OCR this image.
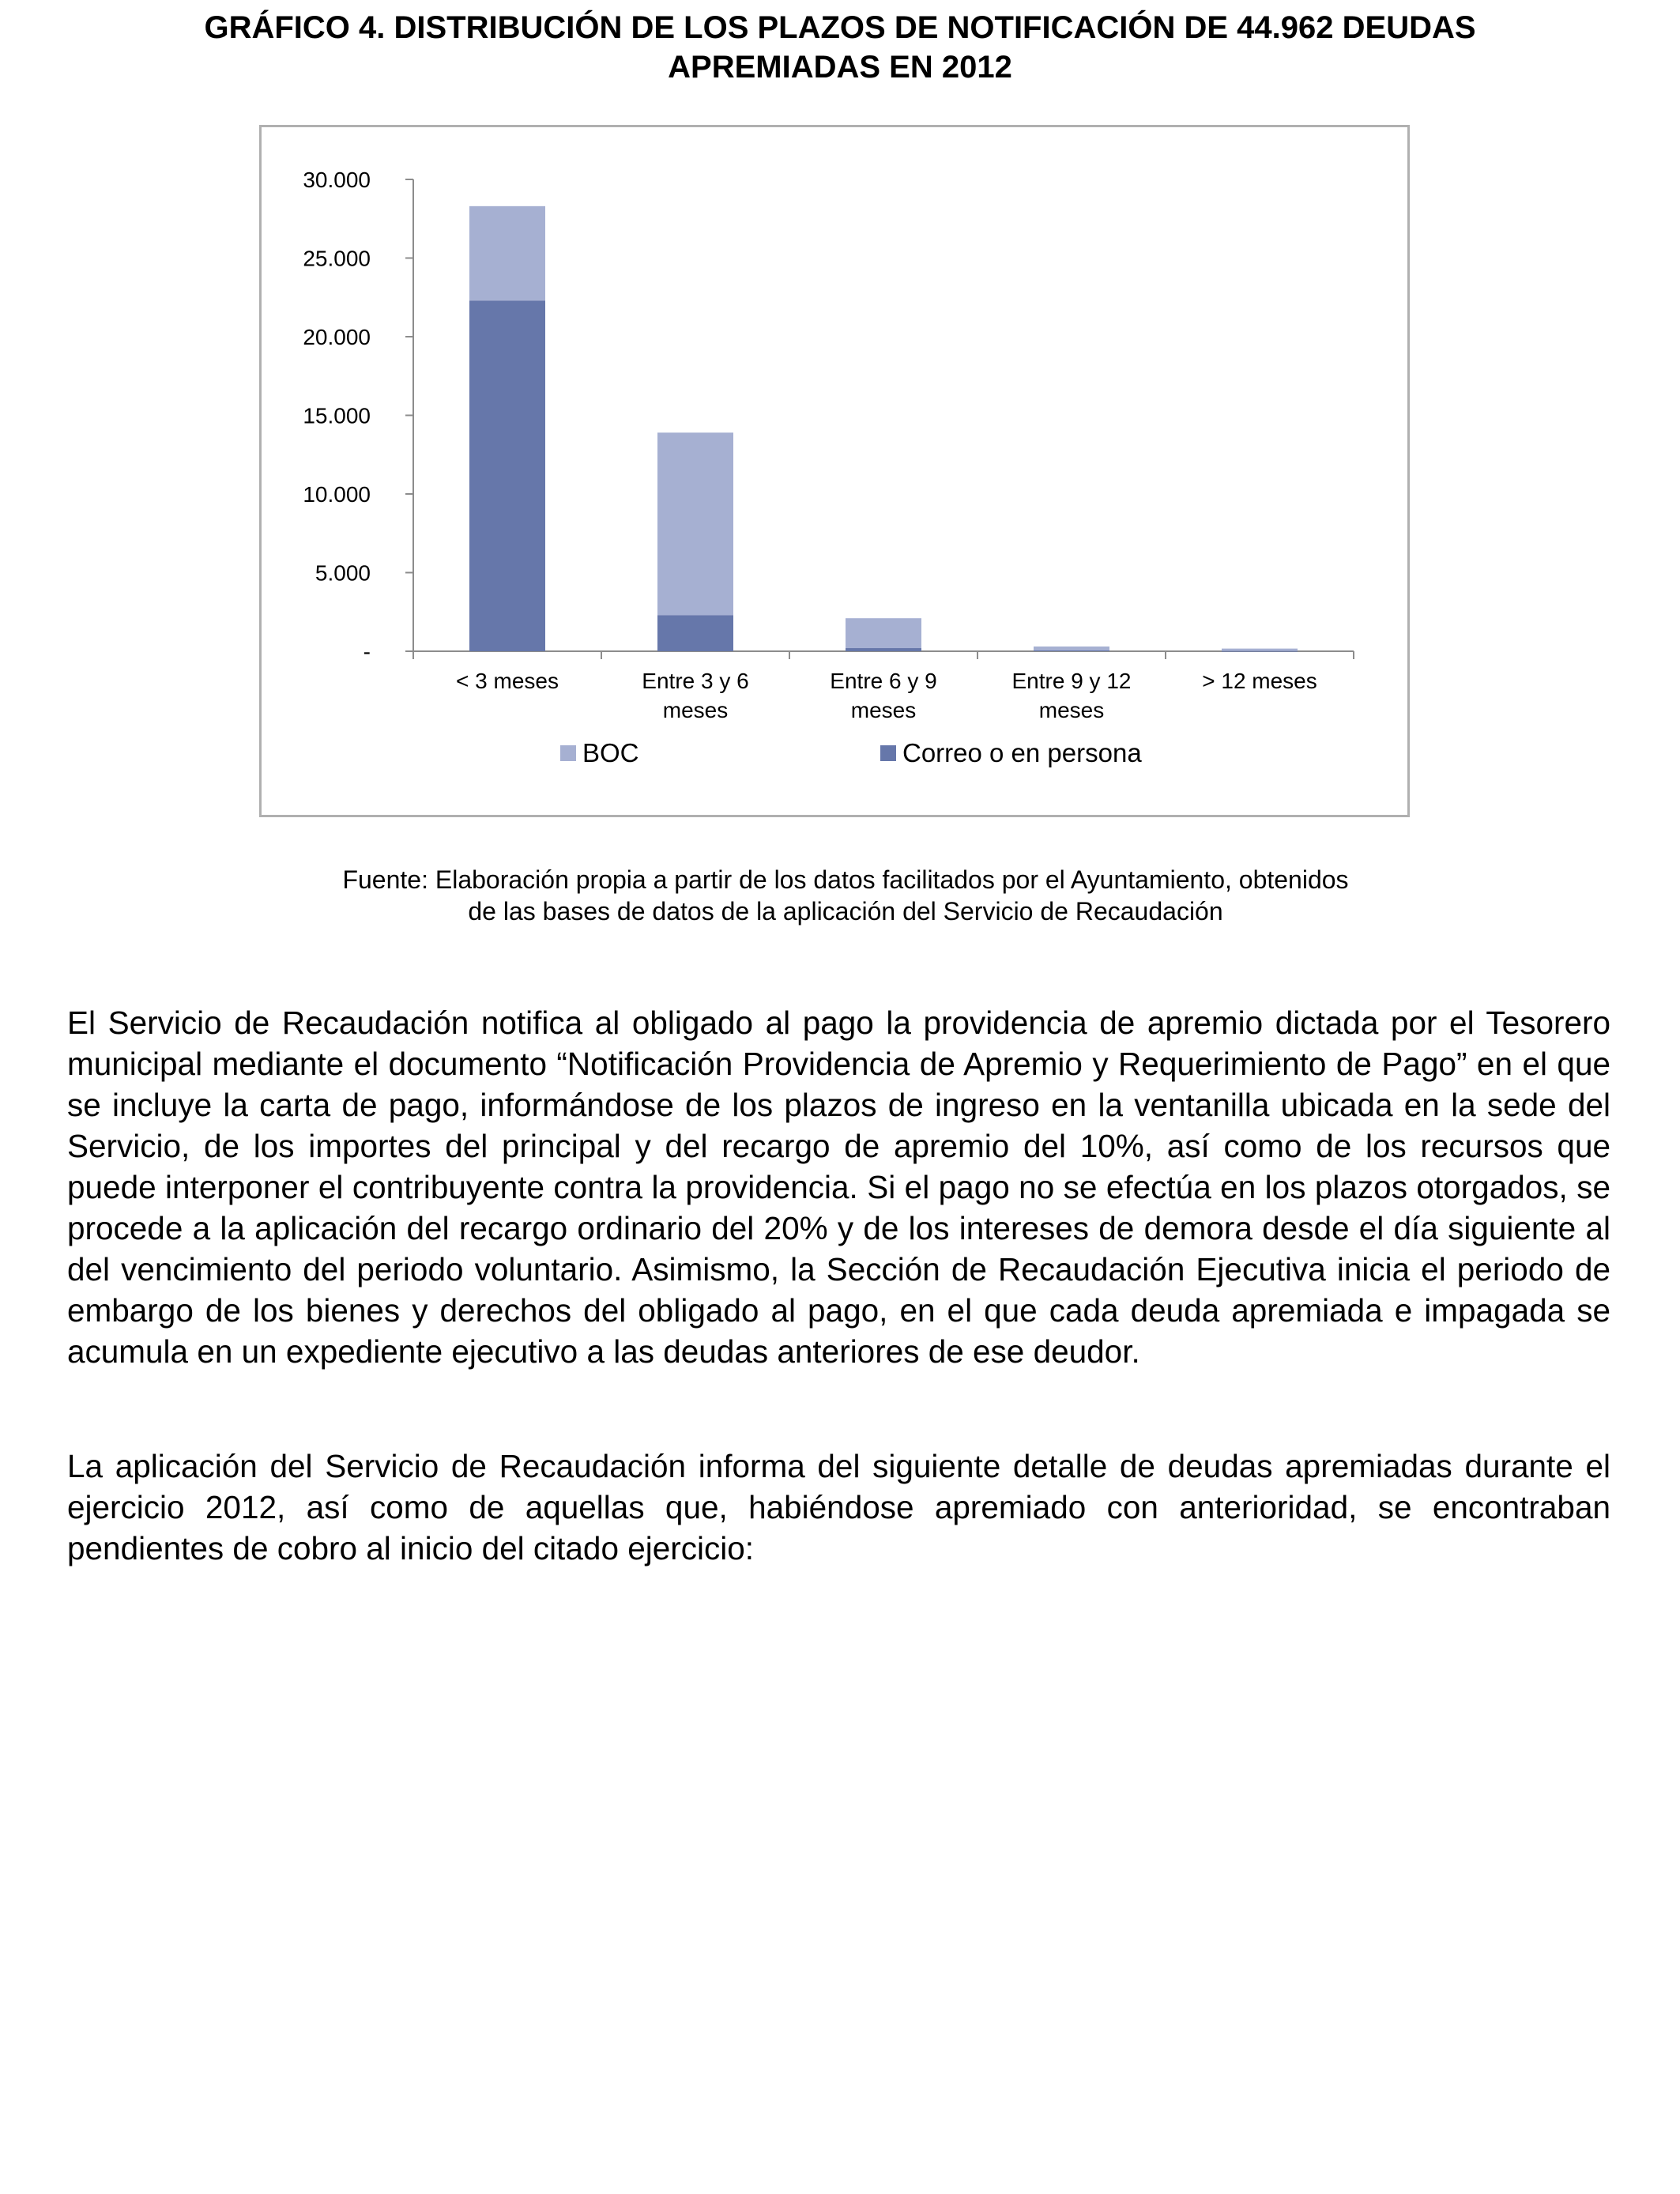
GRÁFICO 4. DISTRIBUCIÓN DE LOS PLAZOS DE NOTIFICACIÓN DE 44.962 DEUDAS
APREMIADAS EN 2012
-
5.000
10.000
15.000
20.000
25.000
30.000
< 3 meses	Entre 3 y 6 meses
Entre 6 y 9 meses
Entre 9 y 12 meses
> 12 meses
BOC	Correo o en persona
Fuente: Elaboración propia a partir de los datos facilitados por el Ayuntamiento, obtenidos
de las bases de datos de la aplicación del Servicio de Recaudación

El Servicio de Recaudación notifica al obligado al pago la providencia de apremio dictada por el Tesorero municipal mediante el documento “Notificación Providencia de Apremio y Requerimiento de Pago” en el que se incluye la carta de pago, informándose de los plazos de ingreso en la ventanilla ubicada en la sede del Servicio, de los importes del principal y del recargo de apremio del 10%, así como de los recursos que puede interponer el contribuyente contra la providencia. Si el pago no se efectúa en los plazos otorgados, se procede a la aplicación del recargo ordinario del 20% y de los intereses de demora desde el día siguiente al del vencimiento del periodo voluntario. Asimismo, la Sección de Recaudación Ejecutiva inicia el periodo de embargo de los bienes y derechos del obligado al pago, en el que cada deuda apremiada e impagada se acumula en un expediente ejecutivo a las deudas anteriores de ese deudor.

La aplicación del Servicio de Recaudación informa del siguiente detalle de deudas apremiadas durante el ejercicio 2012, así como de aquellas que, habiéndose apremiado con anterioridad, se encontraban pendientes de cobro al inicio del citado ejercicio:
